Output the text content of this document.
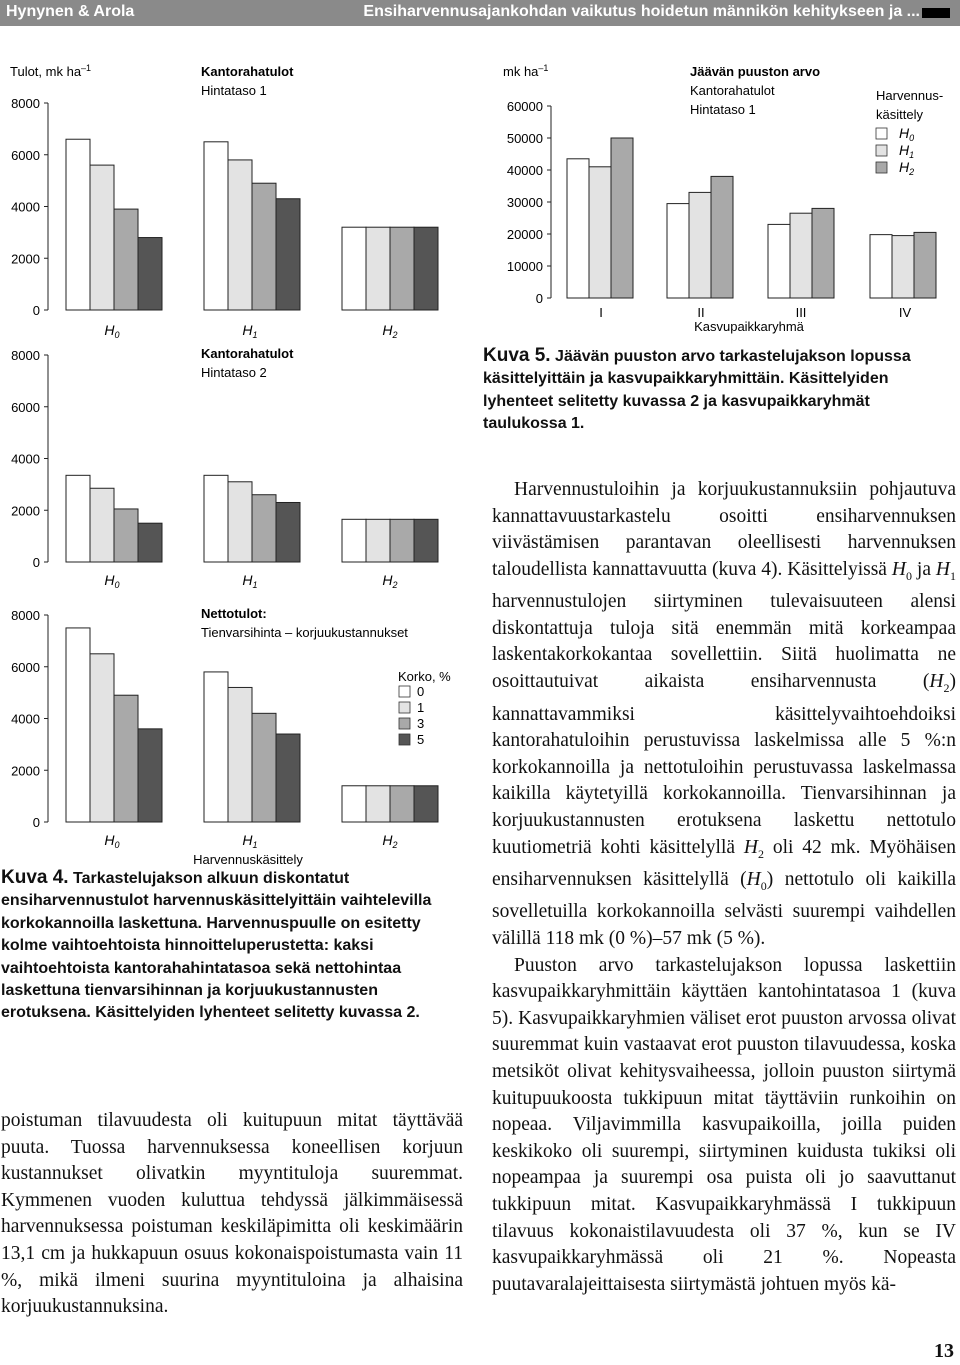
Hynynen & Arola	Ensiharvennusajankohdan vaikutus hoidetun männikön kehitykseen ja ...
Tulot, mk $ha^{-1}$	Kantorahatulot
Hintataso 1
Kantorahatulot
Hintataso 2
Nettotulot:
Tienvarsihinta – korjuukustannukset
0
2000
4000
6000
8000
0
2000
4000
6000
8000
0
2000
4000
6000
8000
$H_0$	$H_1$	$H_2$
$H_0$	$H_1$	$H_2$
$H_0$	$H_1$	$H_2$
Harvennuskäsittely
Korko, %
0
1
3
5
mk $ha^{-1}$	Jäävän puuston arvo
Kantorahatulot
Hintataso 1
0
10000
20000
30000
40000
50000
60000
I	II	III	IV
Harvennus-
käsittely
$H_0$
$H_1$
$H_2$
Kasvupaikkaryhmä
Kuva 5. Jäävän puuston arvo tarkastelujakson lopussa käsittelyittäin ja kasvupaikkaryhmittäin. Käsittelyiden lyhenteet selitetty kuvassa 2 ja kasvupaikkaryhmät taulukossa 1.
Kuva 4. Tarkastelujakson alkuun diskontatut ensiharvennustulot harvennuskäsittelyittäin vaihtelevilla korkokannoilla laskettuna. Harvennuspuulle on esitetty kolme vaihtoehtoista hinnoitteluperustetta: kaksi vaihtoehtoista kantorahahintatasoa sekä nettohintaa laskettuna tienvarsihinnan ja korjuukustannusten erotuksena. Käsittelyiden lyhenteet selitetty kuvassa 2.

poistuman tilavuudesta oli kuitupuun mitat täyttävää puuta. Tuossa harvennuksessa koneellisen korjuun kustannukset olivatkin myyntituloja suuremmat. Kymmenen vuoden kuluttua tehdyssä jälkimmäisessä harvennuksessa poistuman keskiläpimitta oli keskimäärin 13,1 cm ja hukkapuun osuus kokonaispoistumasta vain 11 %, mikä ilmeni suurina myyntituloina ja alhaisina korjuukustannuksina.

Harvennustuloihin ja korjuukustannuksiin pohjautuva kannattavuustarkastelu osoitti ensiharvennuksen viivästämisen parantavan oleellisesti harvennuksen taloudellista kannattavuutta (kuva 4). Käsittelyissä $H_0$ ja $H_1$ harvennustulojen siirtyminen tulevaisuuteen alensi diskontattuja tuloja sitä enemmän mitä korkeampaa laskentakorkokantaa sovellettiin. Siitä huolimatta ne osoittautuivat aikaista ensiharvennusta $(H_2)$ kannattavammiksi käsittelyvaihtoehdoiksi kantorahatuloihin perustuvissa laskelmissa alle 5 %:n korkokannoilla ja nettotuloihin perustuvassa laskelmassa kaikilla käytetyillä korkokannoilla. Tienvarsihinnan ja korjuukustannusten erotuksena laskettu nettotulo kuutiometriä kohti käsittelyllä $H_2$ oli 42 mk. Myöhäisen ensiharvennuksen käsittelyllä $(H_0)$ nettotulo oli kaikilla sovelletuilla korkokannoilla selvästi suurempi vaihdellen välillä 118 mk (0 %)–57 mk (5 %).

Puuston arvo tarkastelujakson lopussa laskettiin kasvupaikkaryhmittäin käyttäen kantohintatasoa 1 (kuva 5). Kasvupaikkaryhmien väliset erot puuston arvossa olivat suuremmat kuin vastaavat erot puuston tilavuudessa, koska metsiköt olivat kehitysvaiheessa, jolloin puuston siirtymä kuitupuukoosta tukkipuun mitat täyttäviin runkoihin on nopeaa. Viljavimmilla kasvupaikoilla, joilla puiden keskikoko oli suurempi, siirtyminen kuidusta tukiksi oli nopeampaa ja suurempi osa puista oli jo saavuttanut tukkipuun mitat. Kasvupaikkaryhmässä I tukkipuun tilavuus kokonaistilavuudesta oli 37 %, kun se IV kasvupaikkaryhmässä oli 21 %. Nopeasta puutavaralajeittaisesta siirtymästä johtuen myös kä-

13
